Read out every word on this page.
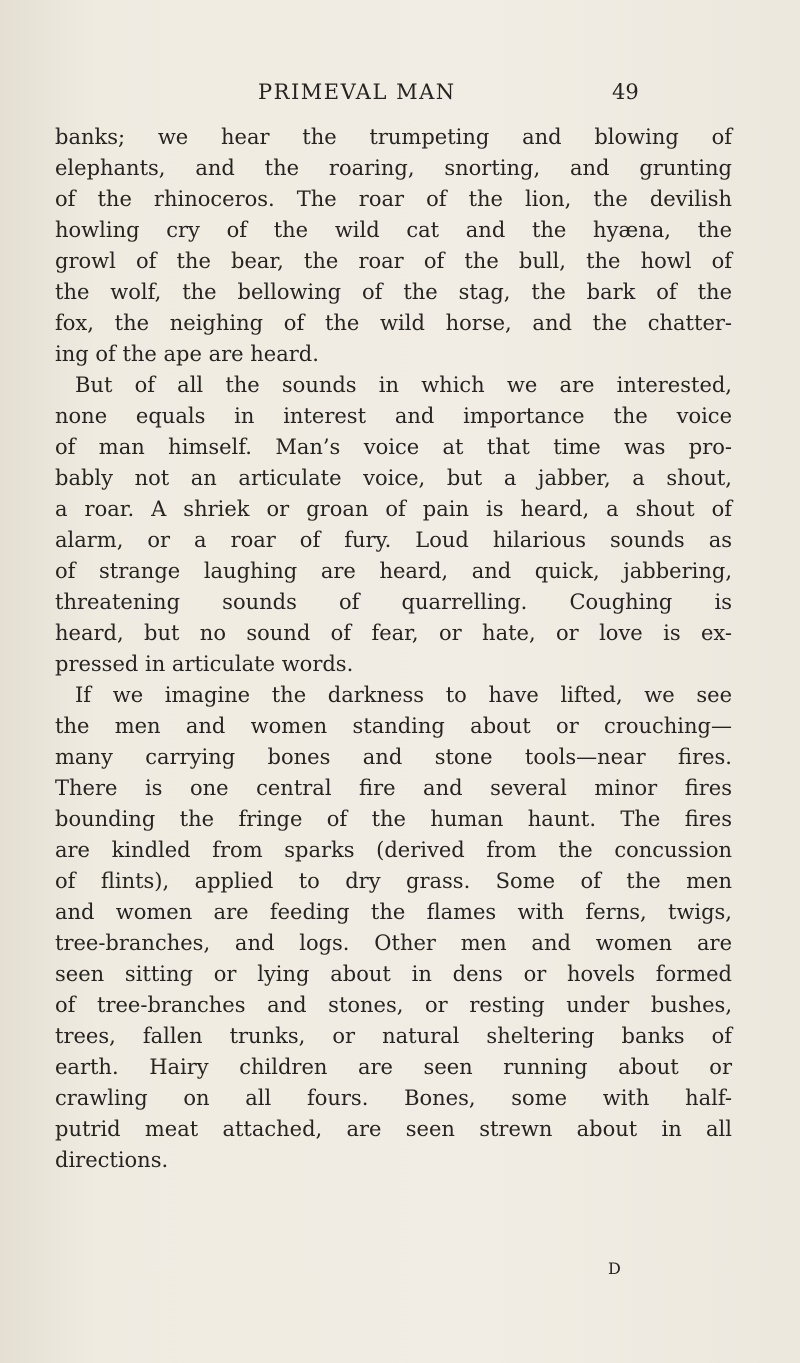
PRIMEVAL MAN	49
banks; we hear the trumpeting and blowing of
elephants, and the roaring, snorting, and grunting
of the rhinoceros. The roar of the lion, the devilish
howling cry of the wild cat and the hyæna, the
growl of the bear, the roar of the bull, the howl of
the wolf, the bellowing of the stag, the bark of the
fox, the neighing of the wild horse, and the chatter-
ing of the ape are heard.
But of all the sounds in which we are interested,
none equals in interest and importance the voice
of man himself. Man’s voice at that time was pro-
bably not an articulate voice, but a jabber, a shout,
a roar. A shriek or groan of pain is heard, a shout of
alarm, or a roar of fury. Loud hilarious sounds as
of strange laughing are heard, and quick, jabbering,
threatening sounds of quarrelling. Coughing is
heard, but no sound of fear, or hate, or love is ex-
pressed in articulate words.
If we imagine the darkness to have lifted, we see
the men and women standing about or crouching—
many carrying bones and stone tools—near fires.
There is one central fire and several minor fires
bounding the fringe of the human haunt. The fires
are kindled from sparks (derived from the concussion
of flints), applied to dry grass. Some of the men
and women are feeding the flames with ferns, twigs,
tree-branches, and logs. Other men and women are
seen sitting or lying about in dens or hovels formed
of tree-branches and stones, or resting under bushes,
trees, fallen trunks, or natural sheltering banks of
earth. Hairy children are seen running about or
crawling on all fours. Bones, some with half-
putrid meat attached, are seen strewn about in all
directions.
D
